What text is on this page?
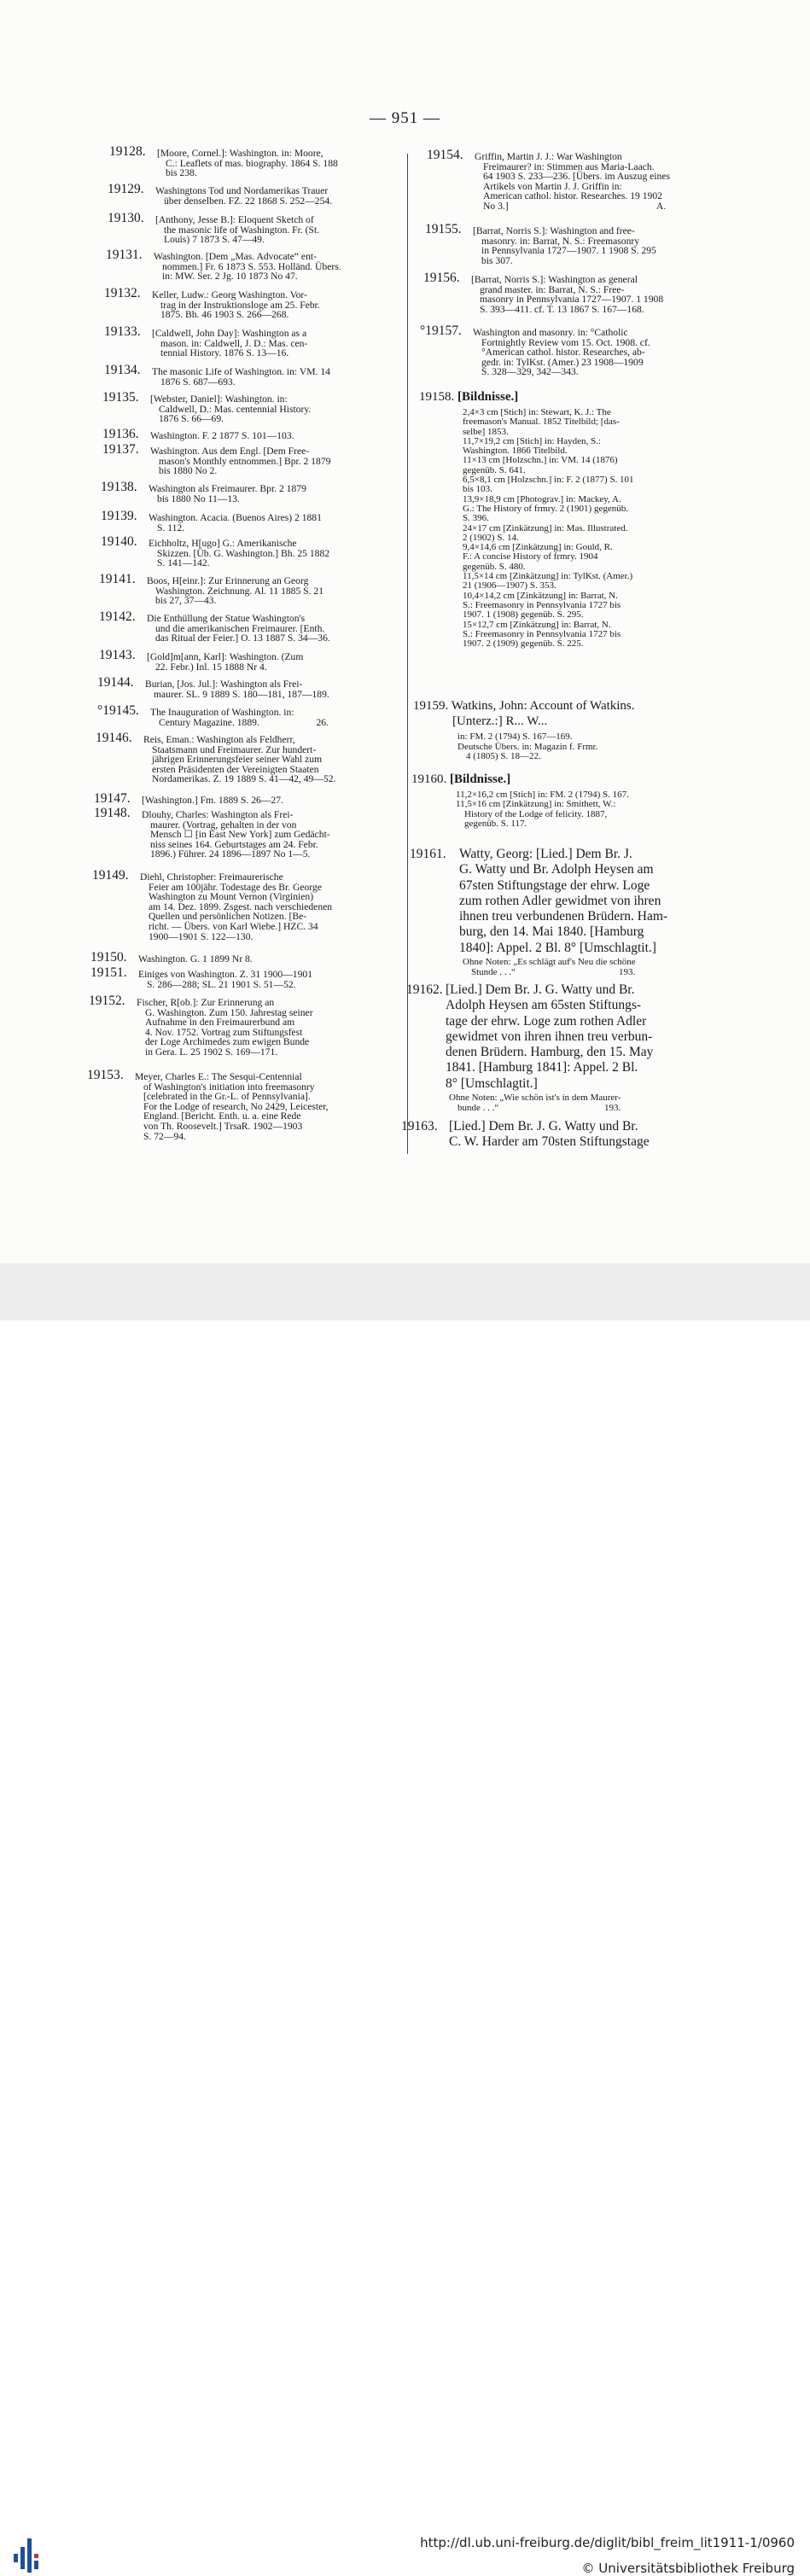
— 951 —
19128. [Moore, Cornel.]: Washington. in: Moore,
C.: Leaflets of mas. biography. 1864 S. 188
bis 238.
19129. Washingtons Tod und Nordamerikas Trauer
über denselben. FZ. 22 1868 S. 252—254.
19130. [Anthony, Jesse B.]: Eloquent Sketch of
the masonic life of Washington. Fr. (St.
Louis) 7 1873 S. 47—49.
19131. Washington. [Dem „Mas. Advocate“ ent-
nommen.] Fr. 6 1873 S. 553. Holländ. Übers.
in: MW. Ser. 2 Jg. 10 1873 No 47.
19132. Keller, Ludw.: Georg Washington. Vor-
trag in der Instruktionsloge am 25. Febr.
1875. Bh. 46 1903 S. 266—268.
19133. [Caldwell, John Day]: Washington as a
mason. in: Caldwell, J. D.: Mas. cen-
tennial History. 1876 S. 13—16.
19134. The masonic Life of Washington. in: VM. 14
1876 S. 687—693.
19135. [Webster, Daniel]: Washington. in:
Caldwell, D.: Mas. centennial History.
1876 S. 66—69.
19136. Washington. F. 2 1877 S. 101—103.
19137. Washington. Aus dem Engl. [Dem Free-
mason's Monthly entnommen.] Bpr. 2 1879
bis 1880 No 2.
19138. Washington als Freimaurer. Bpr. 2 1879
bis 1880 No 11—13.
19139. Washington. Acacia. (Buenos Aires) 2 1881
S. 112.
19140. Eichholtz, H[ugo] G.: Amerikanische
Skizzen. [Üb. G. Washington.] Bh. 25 1882
S. 141—142.
19141. Boos, H[einr.]: Zur Erinnerung an Georg
Washington. Zeichnung. Al. 11 1885 S. 21
bis 27, 37—43.
19142. Die Enthüllung der Statue Washington's
und die amerikanischen Freimaurer. [Enth.
das Ritual der Feier.] O. 13 1887 S. 34—36.
19143. [Gold]m[ann, Karl]: Washington. (Zum
22. Febr.) Inl. 15 1888 Nr 4.
19144. Burian, [Jos. Jul.]: Washington als Frei-
maurer. SL. 9 1889 S. 180—181, 187—189.
°19145. The Inauguration of Washington. in:
Century Magazine. 1889.                       26.
19146. Reis, Eman.: Washington als Feldherr,
Staatsmann und Freimaurer. Zur hundert-
jährigen Erinnerungsfeier seiner Wahl zum
ersten Präsidenten der Vereinigten Staaten
Nordamerikas. Z. 19 1889 S. 41—42, 49—52.
19147. [Washington.] Fm. 1889 S. 26—27.
19148. Dlouhy, Charles: Washington als Frei-
maurer. (Vortrag, gehalten in der von
Mensch ☐ [in East New York] zum Gedächt-
niss seines 164. Geburtstages am 24. Febr.
1896.) Führer. 24 1896—1897 No 1—5.
19149. Diehl, Christopher: Freimaurerische
Feier am 100jähr. Todestage des Br. George
Washington zu Mount Vernon (Virginien)
am 14. Dez. 1899. Zsgest. nach verschiedenen
Quellen und persönlichen Notizen. [Be-
richt. — Übers. von Karl Wiebe.] HZC. 34
1900—1901 S. 122—130.
19150. Washington. G. 1 1899 Nr 8.
19151. Einiges von Washington. Z. 31 1900—1901
S. 286—288; SL. 21 1901 S. 51—52.
19152. Fischer, R[ob.]: Zur Erinnerung an
G. Washington. Zum 150. Jahrestag seiner
Aufnahme in den Freimaurerbund am
4. Nov. 1752. Vortrag zum Stiftungsfest
der Loge Archimedes zum ewigen Bunde
in Gera. L. 25 1902 S. 169—171.
19153. Meyer, Charles E.: The Sesqui-Centennial
of Washington's initiation into freemasonry
[celebrated in the Gr.-L. of Pennsylvania].
For the Lodge of research, No 2429, Leicester,
England. [Bericht. Enth. u. a. eine Rede
von Th. Roosevelt.] TrsaR. 1902—1903
S. 72—94.
19154. Griffin, Martin J. J.: War Washington
Freimaurer? in: Stimmen aus Maria-Laach.
64 1903 S. 233—236. [Übers. im Auszug eines
Artikels von Martin J. J. Griffin in:
American cathol. histor. Researches. 19 1902
No 3.]                                                            A.
19155. [Barrat, Norris S.]: Washington and free-
masonry. in: Barrat, N. S.: Freemasonry
in Pennsylvania 1727—1907. 1 1908 S. 295
bis 307.
19156. [Barrat, Norris S.]: Washington as general
grand master. in: Barrat, N. S.: Free-
masonry in Pennsylvania 1727—1907. 1 1908
S. 393—411. cf. T. 13 1867 S. 167—168.
°19157. Washington and masonry. in: °Catholic
Fortnightly Review vom 15. Oct. 1908. cf.
°American cathol. histor. Researches, ab-
gedr. in: TylKst. (Amer.) 23 1908—1909
S. 328—329, 342—343.
19158. [Bildnisse.]
2,4×3 cm [Stich] in: Stewart, K. J.: The
freemason's Manual. 1852 Titelbild; [das-
selbe] 1853.
11,7×19,2 cm [Stich] in: Hayden, S.:
Washington. 1866 Titelbild.
11×13 cm [Holzschn.] in: VM. 14 (1876)
gegenüb. S. 641.
6,5×8,1 cm [Holzschn.] in: F. 2 (1877) S. 101
bis 103.
13,9×18,9 cm [Photograv.] in: Mackey, A.
G.: The History of frmry. 2 (1901) gegenüb.
S. 396.
24×17 cm [Zinkätzung] in: Mas. Illustrated.
2 (1902) S. 14.
9,4×14,6 cm [Zinkätzung] in: Gould, R.
F.: A concise History of frmry. 1904
gegenüb. S. 480.
11,5×14 cm [Zinkätzung] in: TylKst. (Amer.)
21 (1906—1907) S. 353.
10,4×14,2 cm [Zinkätzung] in: Barrat, N.
S.: Freemasonry in Pennsylvania 1727 bis
1907. 1 (1908) gegenüb. S. 295.
15×12,7 cm [Zinkätzung] in: Barrat, N.
S.: Freemasonry in Pennsylvania 1727 bis
1907. 2 (1909) gegenüb. S. 225.
19159. Watkins, John: Account of Watkins.
[Unterz.:] R... W...
in: FM. 2 (1794) S. 167—169.
Deutsche Übers. in: Magazin f. Frmr.
4 (1805) S. 18—22.
19160. [Bildnisse.]
11,2×16,2 cm [Stich] in: FM. 2 (1794) S. 167.
11,5×16 cm [Zinkätzung] in: Smithett, W.:
History of the Lodge of felicity. 1887,
gegenüb. S. 117.
19161. Watty, Georg: [Lied.] Dem Br. J.
G. Watty und Br. Adolph Heysen am
67sten Stiftungstage der ehrw. Loge
zum rothen Adler gewidmet von ihren
ihnen treu verbundenen Brüdern. Ham-
burg, den 14. Mai 1840. [Hamburg
1840]: Appel. 2 Bl. 8° [Umschlagtit.]
Ohne Noten: „Es schlägt auf's Neu die schöne
Stunde . . .“                                            193.
19162. [Lied.] Dem Br. J. G. Watty und Br.
Adolph Heysen am 65sten Stiftungs-
tage der ehrw. Loge zum rothen Adler
gewidmet von ihren ihnen treu verbun-
denen Brüdern. Hamburg, den 15. May
1841. [Hamburg 1841]: Appel. 2 Bl.
8° [Umschlagtit.]
Ohne Noten: „Wie schön ist's in dem Maurer-
bunde . . .“                                             193.
19163. [Lied.] Dem Br. J. G. Watty und Br.
C. W. Harder am 70sten Stiftungstage
http://dl.ub.uni-freiburg.de/diglit/bibl_freim_lit1911-1/0960
© Universitätsbibliothek Freiburg
